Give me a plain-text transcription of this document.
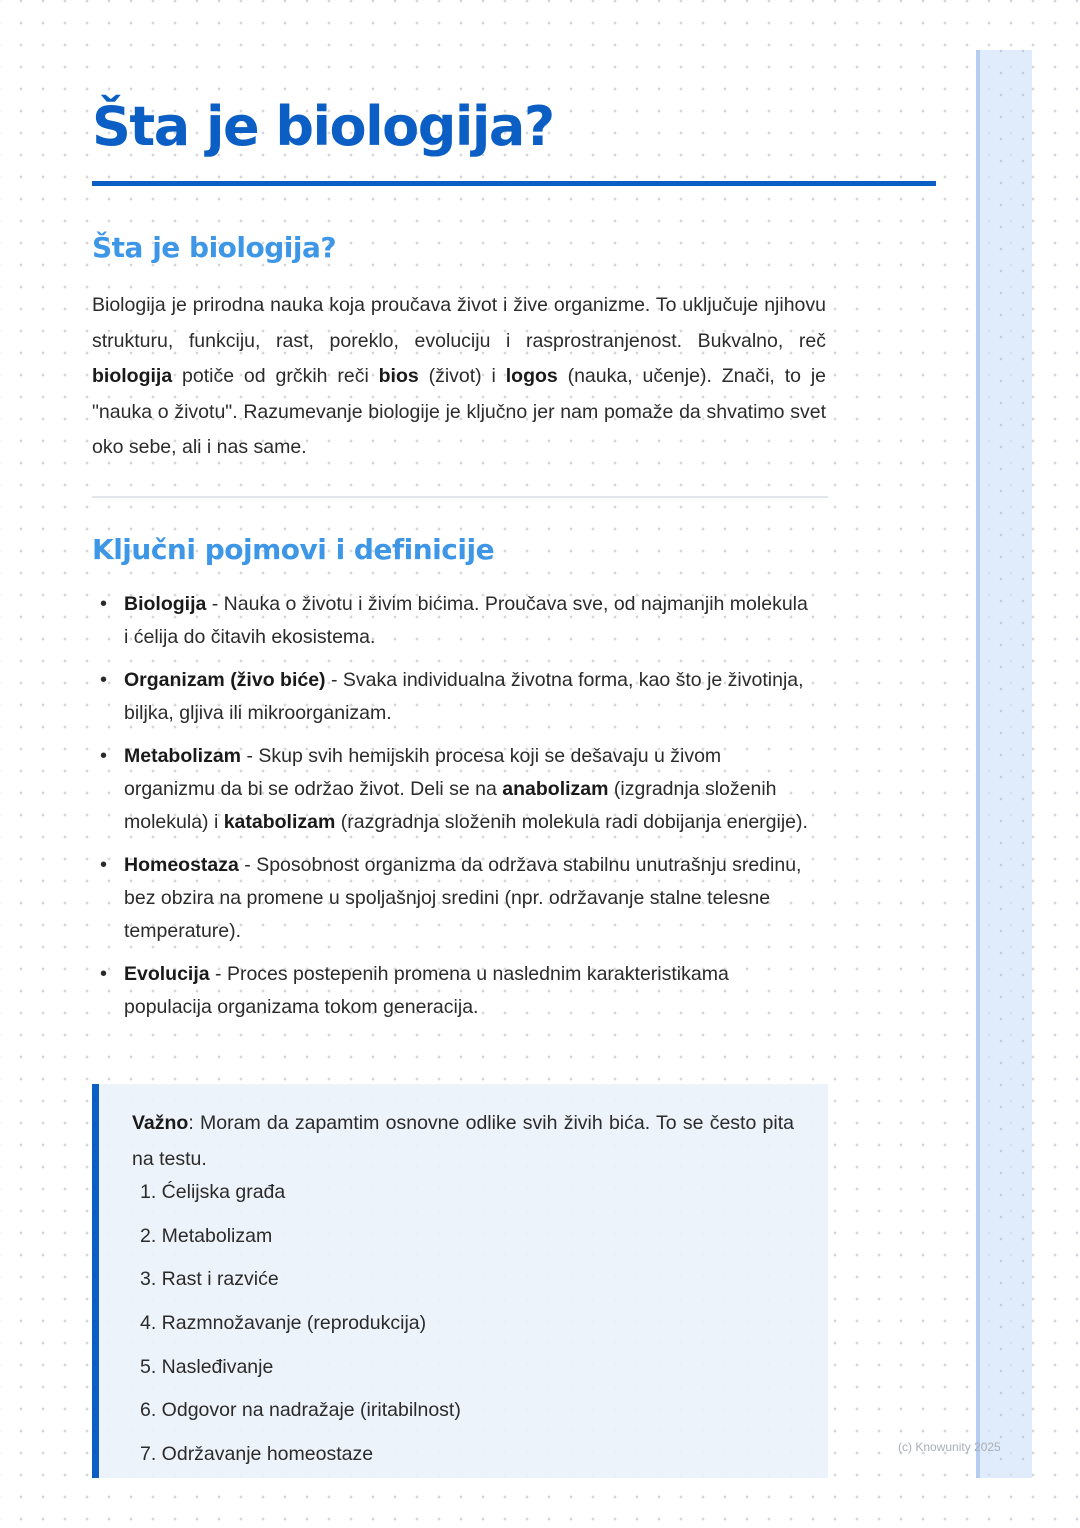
Šta je biologija?
Šta je biologija?

Biologija je prirodna nauka koja proučava život i žive organizme. To uključuje njihovu strukturu, funkciju, rast, poreklo, evoluciju i rasprostranjenost. Bukvalno, reč biologija potiče od grčkih reči bios (život) i logos (nauka, učenje). Znači, to je "nauka o životu". Razumevanje biologije je ključno jer nam pomaže da shvatimo svet oko sebe, ali i nas same.

Ključni pojmovi i definicije
• Biologija - Nauka o životu i živim bićima. Proučava sve, od najmanjih molekula i ćelija do čitavih ekosistema.
• Organizam (živo biće) - Svaka individualna životna forma, kao što je životinja, biljka, gljiva ili mikroorganizam.
• Metabolizam - Skup svih hemijskih procesa koji se dešavaju u živom organizmu da bi se održao život. Deli se na anabolizam (izgradnja složenih molekula) i katabolizam (razgradnja složenih molekula radi dobijanja energije).
• Homeostaza - Sposobnost organizma da održava stabilnu unutrašnju sredinu, bez obzira na promene u spoljašnjoj sredini (npr. održavanje stalne telesne temperature).
• Evolucija - Proces postepenih promena u naslednim karakteristikama populacija organizama tokom generacija.

Važno: Moram da zapamtim osnovne odlike svih živih bića. To se često pita na testu.

1. Ćelijska građa
2. Metabolizam
3. Rast i razviće
4. Razmnožavanje (reprodukcija)
5. Nasleđivanje
6. Odgovor na nadražaje (iritabilnost)
7. Održavanje homeostaze	(c) Knowunity 2025
